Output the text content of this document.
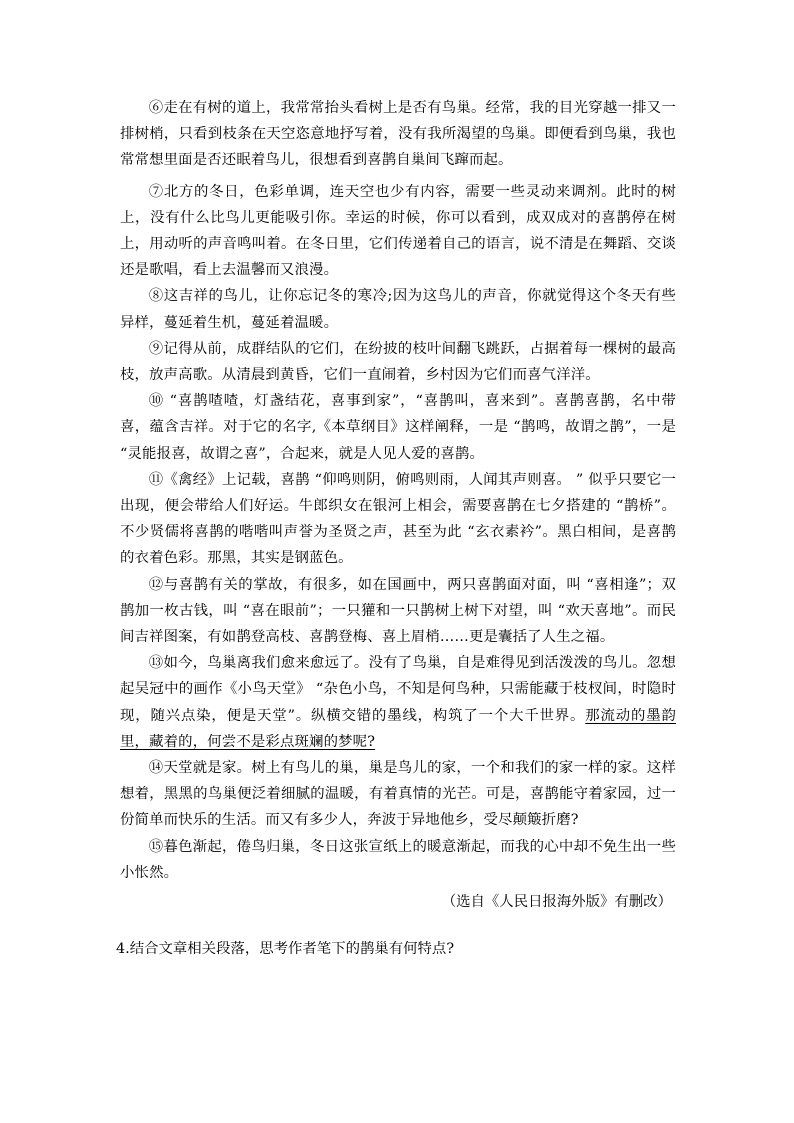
⑥走在有树的道上，我常常抬头看树上是否有鸟巢。经常，我的目光穿越一排又一排树梢，只看到枝条在天空恣意地抒写着，没有我所渴望的鸟巢。即便看到鸟巢，我也常常想里面是否还眠着鸟儿，很想看到喜鹊自巢间飞蹿而起。

⑦北方的冬日，色彩单调，连天空也少有内容，需要一些灵动来调剂。此时的树上，没有什么比鸟儿更能吸引你。幸运的时候，你可以看到，成双成对的喜鹊停在树上，用动听的声音鸣叫着。在冬日里，它们传递着自己的语言，说不清是在舞蹈、交谈还是歌唱，看上去温馨而又浪漫。

⑧这吉祥的鸟儿，让你忘记冬的寒冷;因为这鸟儿的声音，你就觉得这个冬天有些异样，蔓延着生机，蔓延着温暖。

⑨记得从前，成群结队的它们，在纷披的枝叶间翻飞跳跃，占据着每一棵树的最高枝，放声高歌。从清晨到黄昏，它们一直闹着，乡村因为它们而喜气洋洋。

⑩ “喜鹊喳喳，灯盏结花，喜事到家”，“喜鹊叫，喜来到”。喜鹊喜鹊，名中带喜，蕴含吉祥。对于它的名字,《本草纲目》这样阐释，一是 “鹊鸣，故谓之鹊”，一是 “灵能报喜，故谓之喜”，合起来，就是人见人爱的喜鹊。

⑪《禽经》上记载，喜鹊 “仰鸣则阴，俯鸣则雨，人闻其声则喜。 ” 似乎只要它一出现，便会带给人们好运。牛郎织女在银河上相会，需要喜鹊在七夕搭建的 “鹊桥”。不少贤儒将喜鹊的喈喈叫声誉为圣贤之声，甚至为此 “玄衣素衿”。黑白相间，是喜鹊的衣着色彩。那黑，其实是钢蓝色。

⑫与喜鹊有关的掌故，有很多，如在国画中，两只喜鹊面对面，叫 “喜相逢”；双鹊加一枚古钱，叫 “喜在眼前”；一只獾和一只鹊树上树下对望，叫 “欢天喜地”。而民间吉祥图案，有如鹊登高枝、喜鹊登梅、喜上眉梢……更是囊括了人生之福。

⑬如今，鸟巢离我们愈来愈远了。没有了鸟巢，自是难得见到活泼泼的鸟儿。忽想起吴冠中的画作《小鸟天堂》 “杂色小鸟，不知是何鸟种，只需能藏于枝杈间，时隐时现，随兴点染，便是天堂”。纵横交错的墨线，构筑了一个大千世界。那流动的墨韵里，藏着的，何尝不是彩点斑斓的梦呢?

⑭天堂就是家。树上有鸟儿的巢，巢是鸟儿的家，一个和我们的家一样的家。这样想着，黑黑的鸟巢便泛着细腻的温暖，有着真情的光芒。可是，喜鹊能守着家园，过一份简单而快乐的生活。而又有多少人，奔波于异地他乡，受尽颠簸折磨?

⑮暮色渐起，倦鸟归巢，冬日这张宣纸上的暖意渐起，而我的心中却不免生出一些小怅然。

（选自《人民日报海外版》有删改）

4.结合文章相关段落，思考作者笔下的鹊巢有何特点?
